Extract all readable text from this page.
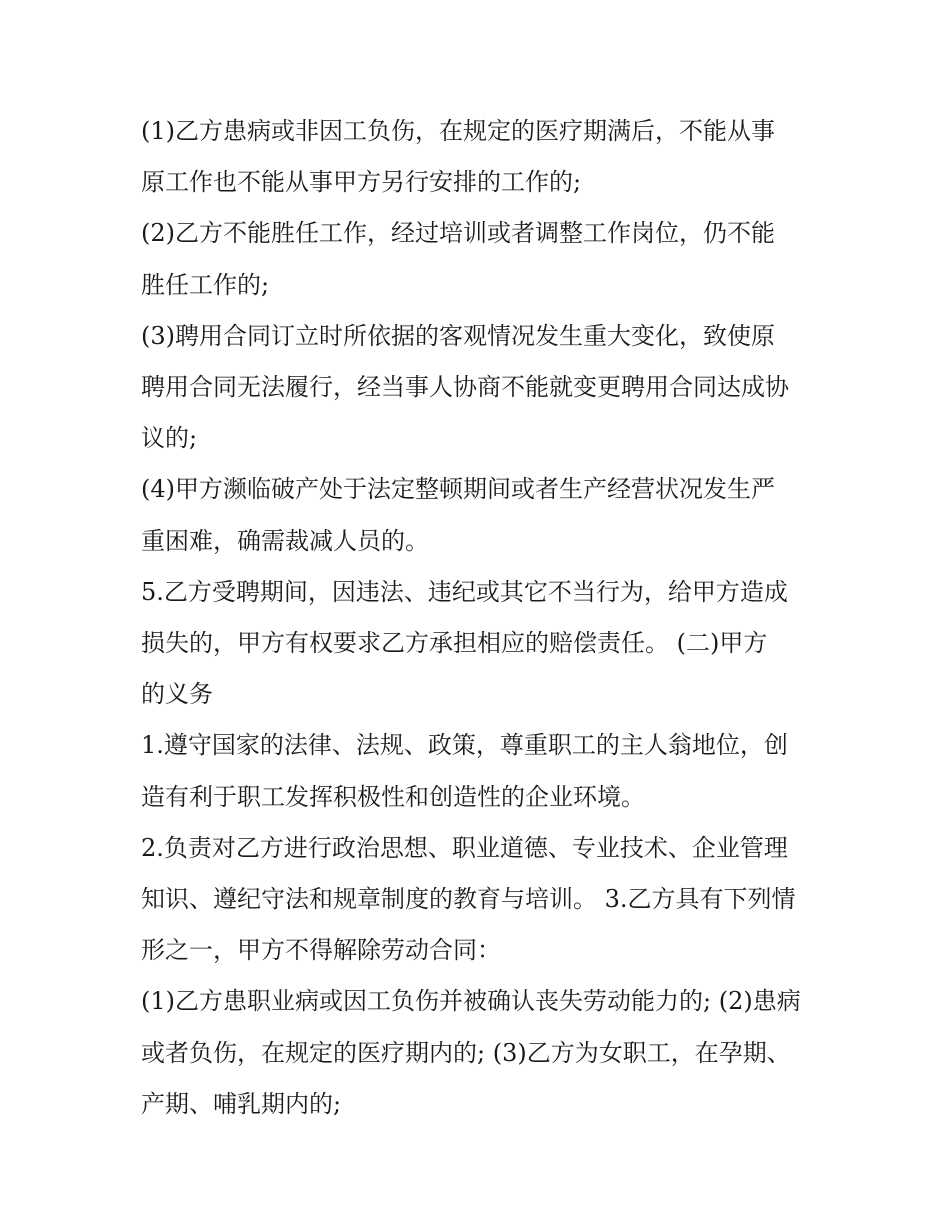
(1)乙方患病或非因工负伤，在规定的医疗期满后，不能从事
原工作也不能从事甲方另行安排的工作的;

(2)乙方不能胜任工作，经过培训或者调整工作岗位，仍不能
胜任工作的;

(3)聘用合同订立时所依据的客观情况发生重大变化，致使原
聘用合同无法履行，经当事人协商不能就变更聘用合同达成协
议的;

(4)甲方濒临破产处于法定整顿期间或者生产经营状况发生严
重困难，确需裁减人员的。

5.乙方受聘期间，因违法、违纪或其它不当行为，给甲方造成
损失的，甲方有权要求乙方承担相应的赔偿责任。 (二)甲方
的义务

1.遵守国家的法律、法规、政策，尊重职工的主人翁地位，创
造有利于职工发挥积极性和创造性的企业环境。

2.负责对乙方进行政治思想、职业道德、专业技术、企业管理
知识、遵纪守法和规章制度的教育与培训。 3.乙方具有下列情
形之一，甲方不得解除劳动合同：

(1)乙方患职业病或因工负伤并被确认丧失劳动能力的; (2)患病
或者负伤，在规定的医疗期内的; (3)乙方为女职工，在孕期、
产期、哺乳期内的;
